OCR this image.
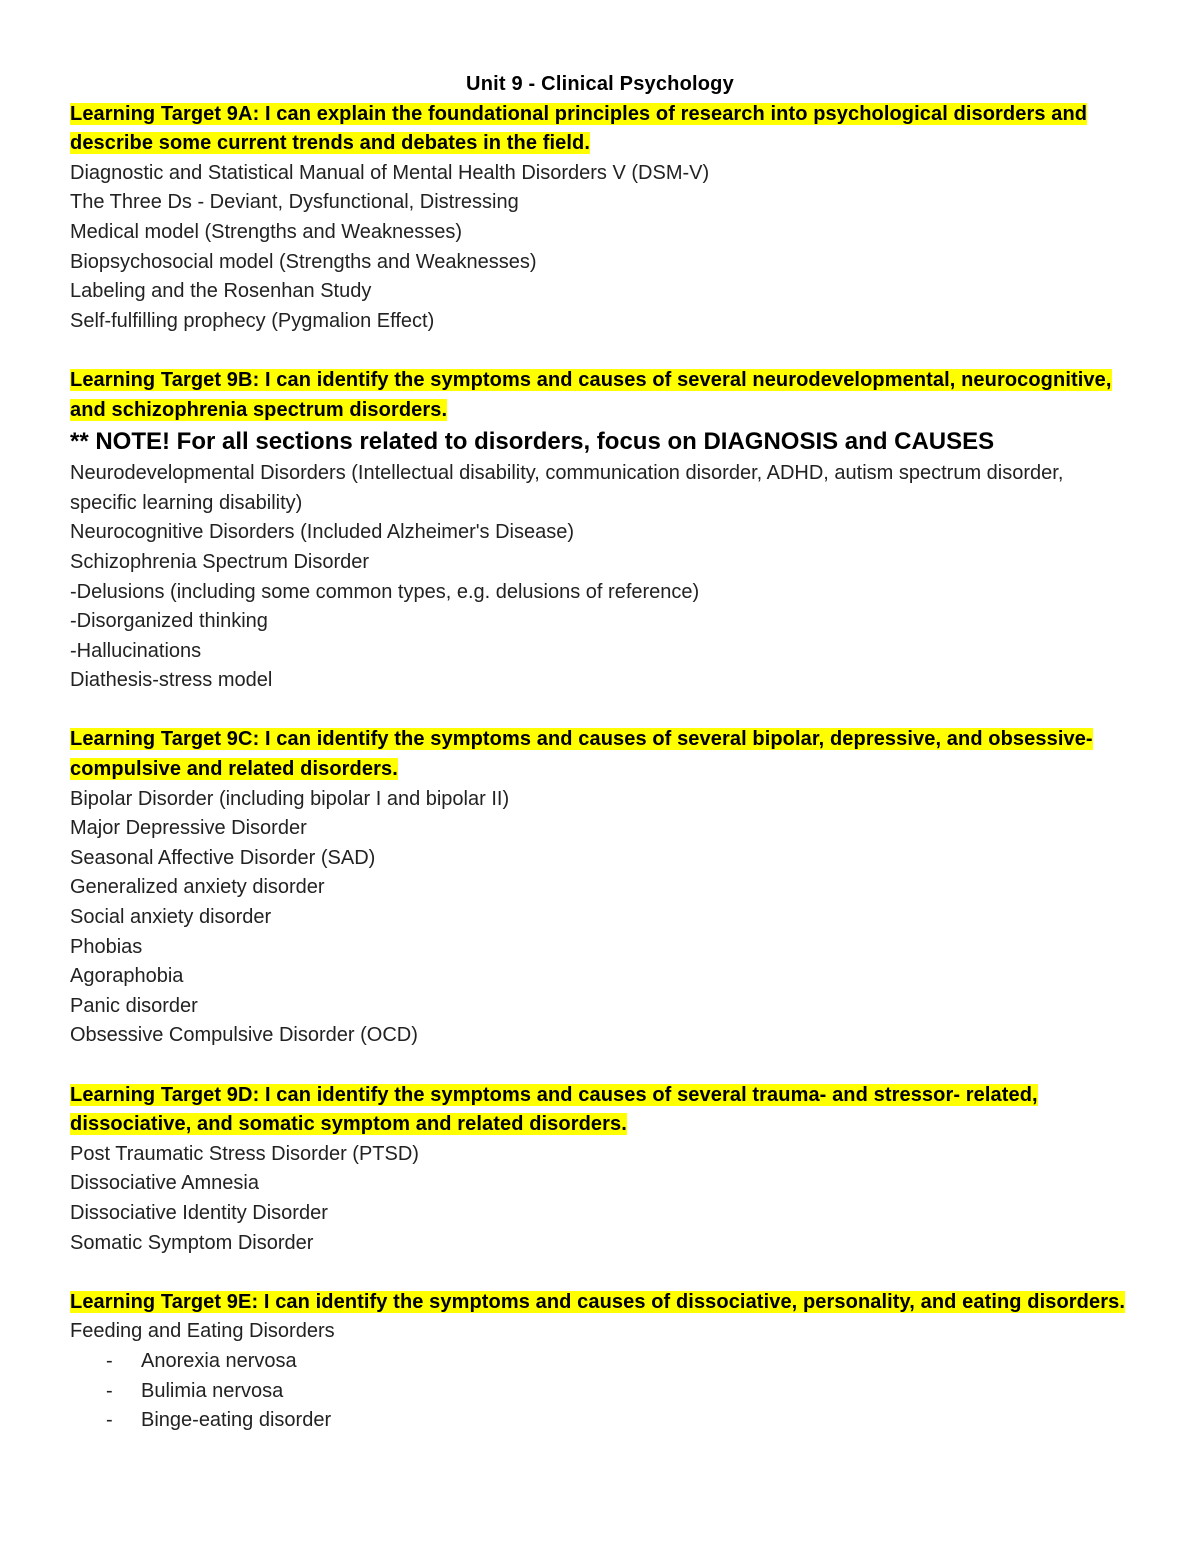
Unit 9 - Clinical Psychology
Learning Target 9A: I can explain the foundational principles of research into psychological disorders and describe some current trends and debates in the field.
Diagnostic and Statistical Manual of Mental Health Disorders V (DSM-V)
The Three Ds - Deviant, Dysfunctional, Distressing
Medical model (Strengths and Weaknesses)
Biopsychosocial model (Strengths and Weaknesses)
Labeling and the Rosenhan Study
Self-fulfilling prophecy (Pygmalion Effect)
Learning Target 9B: I can identify the symptoms and causes of several neurodevelopmental, neurocognitive, and schizophrenia spectrum disorders.
** NOTE! For all sections related to disorders, focus on DIAGNOSIS and CAUSES
Neurodevelopmental Disorders (Intellectual disability, communication disorder, ADHD, autism spectrum disorder, specific learning disability)
Neurocognitive Disorders (Included Alzheimer's Disease)
Schizophrenia Spectrum Disorder
-Delusions (including some common types, e.g. delusions of reference)
-Disorganized thinking
-Hallucinations
Diathesis-stress model
Learning Target 9C: I can identify the symptoms and causes of several bipolar, depressive, and obsessive-compulsive and related disorders.
Bipolar Disorder (including bipolar I and bipolar II)
Major Depressive Disorder
Seasonal Affective Disorder (SAD)
Generalized anxiety disorder
Social anxiety disorder
Phobias
Agoraphobia
Panic disorder
Obsessive Compulsive Disorder (OCD)
Learning Target 9D: I can identify the symptoms and causes of several trauma- and stressor- related, dissociative, and somatic symptom and related disorders.
Post Traumatic Stress Disorder (PTSD)
Dissociative Amnesia
Dissociative Identity Disorder
Somatic Symptom Disorder
Learning Target 9E: I can identify the symptoms and causes of dissociative, personality, and eating disorders.
Feeding and Eating Disorders
- Anorexia nervosa
- Bulimia nervosa
- Binge-eating disorder
